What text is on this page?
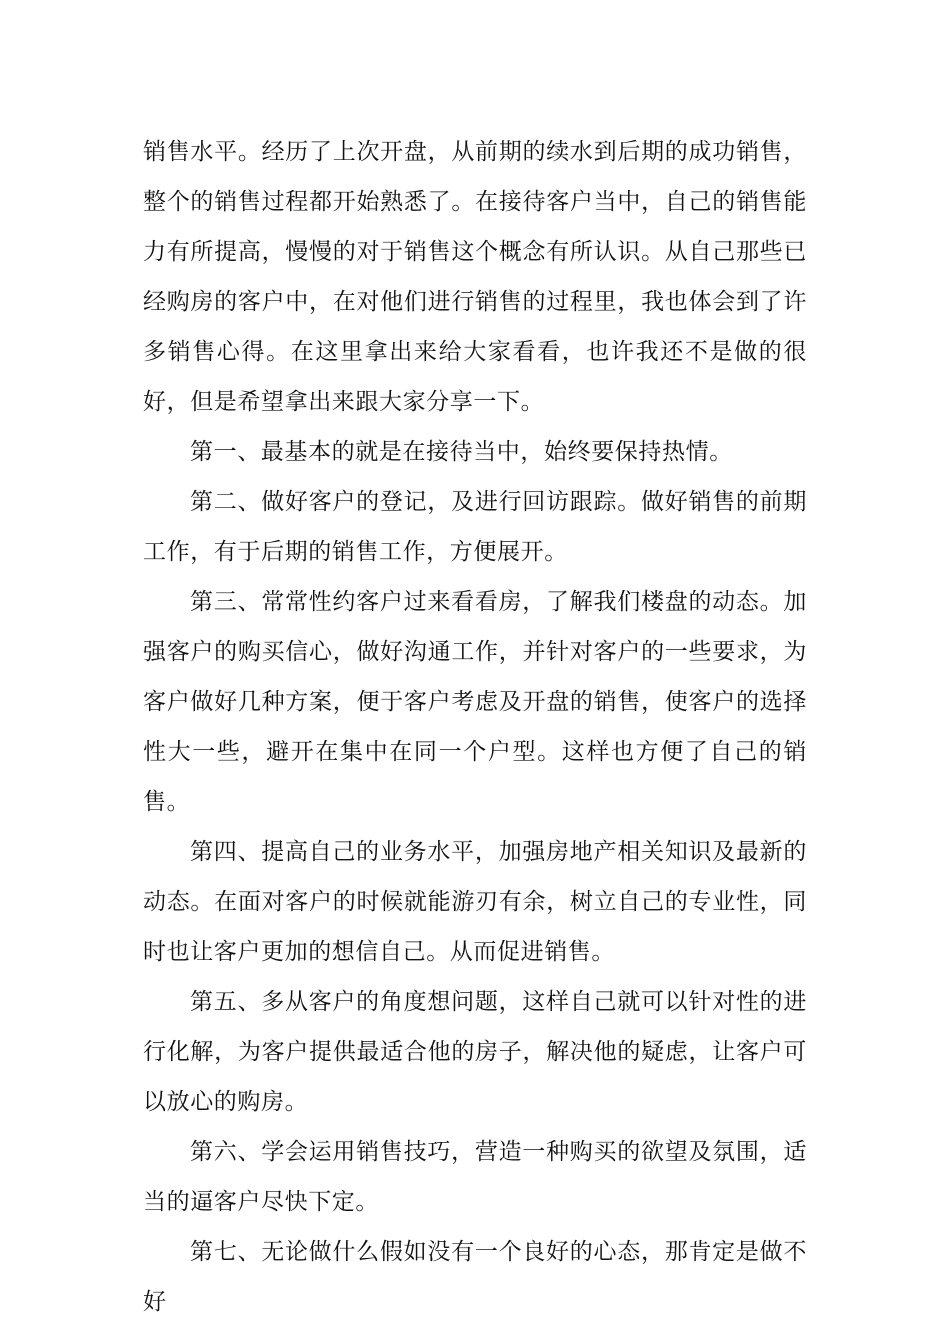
销售水平。经历了上次开盘，从前期的续水到后期的成功销售，整个的销售过程都开始熟悉了。在接待客户当中，自己的销售能力有所提高，慢慢的对于销售这个概念有所认识。从自己那些已经购房的客户中，在对他们进行销售的过程里，我也体会到了许多销售心得。在这里拿出来给大家看看，也许我还不是做的很好，但是希望拿出来跟大家分享一下。

第一、最基本的就是在接待当中，始终要保持热情。

第二、做好客户的登记，及进行回访跟踪。做好销售的前期工作，有于后期的销售工作，方便展开。

第三、常常性约客户过来看看房，了解我们楼盘的动态。加强客户的购买信心，做好沟通工作，并针对客户的一些要求，为客户做好几种方案，便于客户考虑及开盘的销售，使客户的选择性大一些，避开在集中在同一个户型。这样也方便了自己的销售。

第四、提高自己的业务水平，加强房地产相关知识及最新的动态。在面对客户的时候就能游刃有余，树立自己的专业性，同时也让客户更加的想信自己。从而促进销售。

第五、多从客户的角度想问题，这样自己就可以针对性的进行化解，为客户提供最适合他的房子，解决他的疑虑，让客户可以放心的购房。

第六、学会运用销售技巧，营造一种购买的欲望及氛围，适当的逼客户尽快下定。

第七、无论做什么假如没有一个良好的心态，那肯定是做不好
